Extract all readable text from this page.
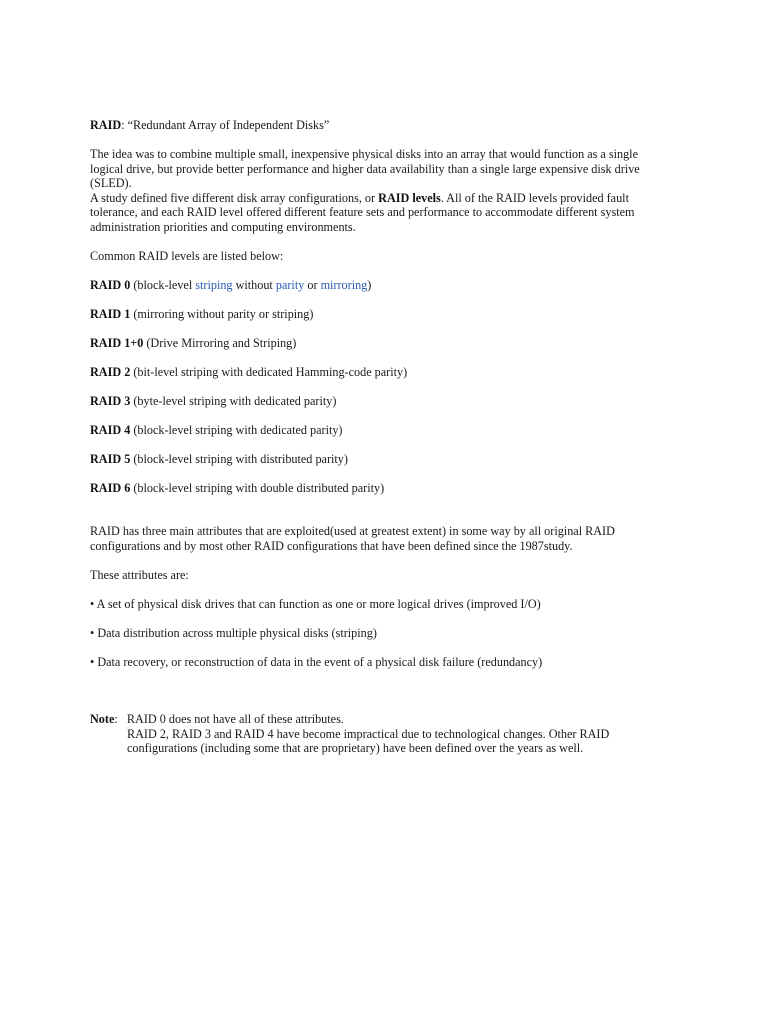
RAID: “Redundant Array of Independent Disks”

The idea was to combine multiple small, inexpensive physical disks into an array that would function as a single logical drive, but provide better performance and higher data availability than a single large expensive disk drive (SLED).

A study defined five different disk array configurations, or RAID levels. All of the RAID levels provided fault tolerance, and each RAID level offered different feature sets and performance to accommodate different system administration priorities and computing environments.

Common RAID levels are listed below:

RAID 0 (block-level striping without parity or mirroring)

RAID 1 (mirroring without parity or striping)

RAID 1+0 (Drive Mirroring and Striping)

RAID 2 (bit-level striping with dedicated Hamming-code parity)

RAID 3 (byte-level striping with dedicated parity)

RAID 4 (block-level striping with dedicated parity)

RAID 5 (block-level striping with distributed parity)

RAID 6 (block-level striping with double distributed parity)

RAID has three main attributes that are exploited(used at greatest extent) in some way by all original RAID configurations and by most other RAID configurations that have been defined since the 1987study.

These attributes are:

• A set of physical disk drives that can function as one or more logical drives (improved I/O)

• Data distribution across multiple physical disks (striping)

• Data recovery, or reconstruction of data in the event of a physical disk failure (redundancy)

Note:   RAID 0 does not have all of these attributes.

RAID 2, RAID 3 and RAID 4 have become impractical due to technological changes. Other RAID configurations (including some that are proprietary) have been defined over the years as well.
